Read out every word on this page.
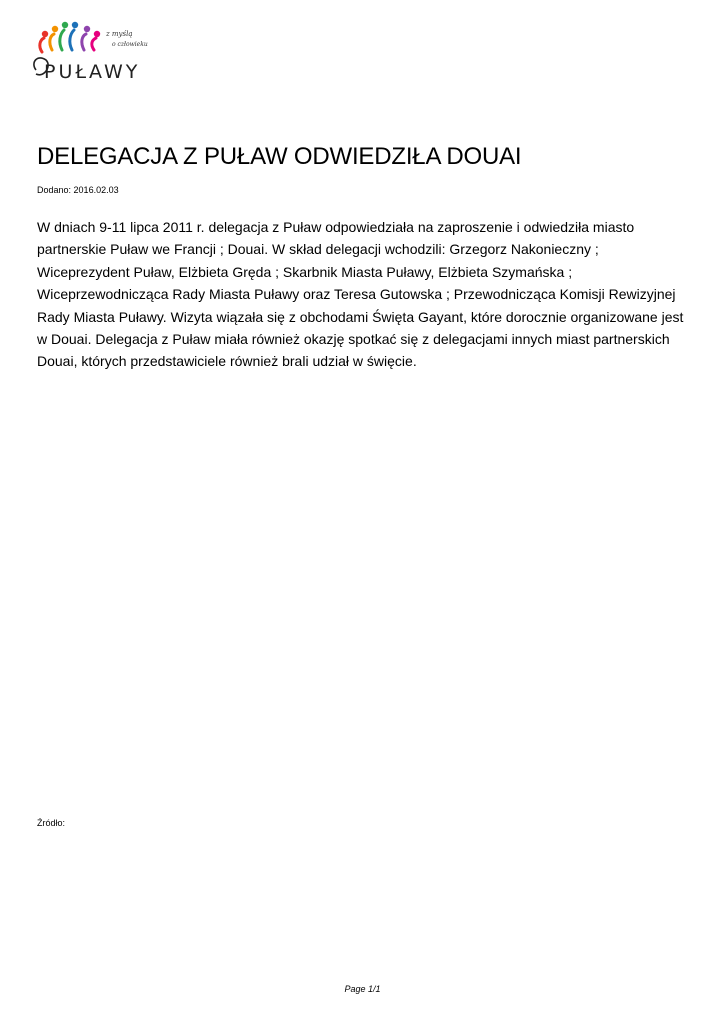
z myślą
o człowieku
PUŁAWY
DELEGACJA Z PUŁAW ODWIEDZIŁA DOUAI
Dodano: 2016.02.03

W dniach 9-11 lipca 2011 r. delegacja z Puław odpowiedziała na zaproszenie i odwiedziła miasto partnerskie Puław we Francji ; Douai. W skład delegacji wchodzili: Grzegorz Nakonieczny ; Wiceprezydent Puław, Elżbieta Gręda ; Skarbnik Miasta Puławy, Elżbieta Szymańska ; Wiceprzewodnicząca Rady Miasta Puławy oraz Teresa Gutowska ; Przewodnicząca Komisji Rewizyjnej Rady Miasta Puławy. Wizyta wiązała się z obchodami Święta Gayant, które dorocznie organizowane jest w Douai. Delegacja z Puław miała również okazję spotkać się z delegacjami innych miast partnerskich Douai, których przedstawiciele również brali udział w święcie.

Źródło:
Page 1/1
